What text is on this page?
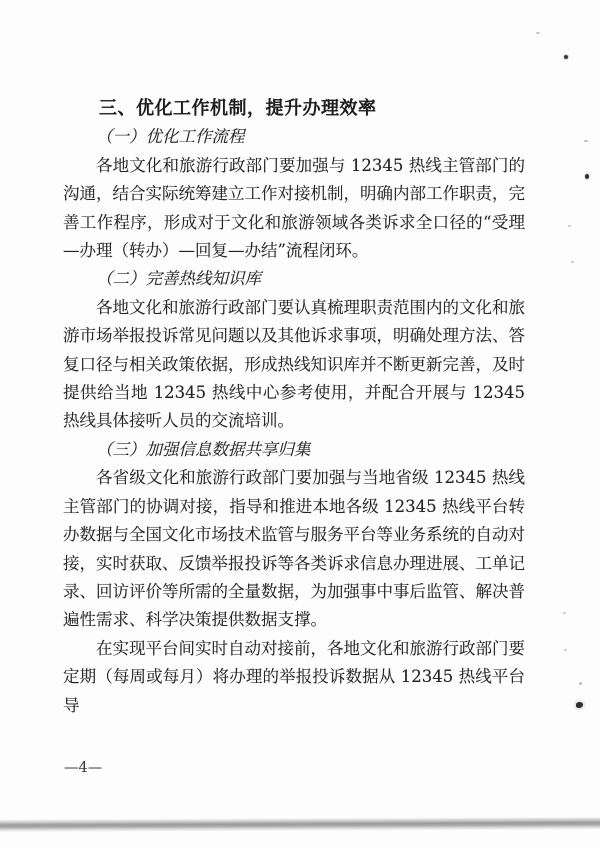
三、优化工作机制，提升办理效率

（一）优化工作流程

各地文化和旅游行政部门要加强与 12345 热线主管部门的沟通，结合实际统筹建立工作对接机制，明确内部工作职责，完善工作程序，形成对于文化和旅游领域各类诉求全口径的“受理—办理（转办）—回复—办结”流程闭环。

（二）完善热线知识库

各地文化和旅游行政部门要认真梳理职责范围内的文化和旅游市场举报投诉常见问题以及其他诉求事项，明确处理方法、答复口径与相关政策依据，形成热线知识库并不断更新完善，及时提供给当地 12345 热线中心参考使用，并配合开展与 12345 热线具体接听人员的交流培训。

（三）加强信息数据共享归集

各省级文化和旅游行政部门要加强与当地省级 12345 热线主管部门的协调对接，指导和推进本地各级 12345 热线平台转办数据与全国文化市场技术监管与服务平台等业务系统的自动对接，实时获取、反馈举报投诉等各类诉求信息办理进展、工单记录、回访评价等所需的全量数据，为加强事中事后监管、解决普遍性需求、科学决策提供数据支撑。

在实现平台间实时自动对接前，各地文化和旅游行政部门要定期（每周或每月）将办理的举报投诉数据从 12345 热线平台导

—4—
